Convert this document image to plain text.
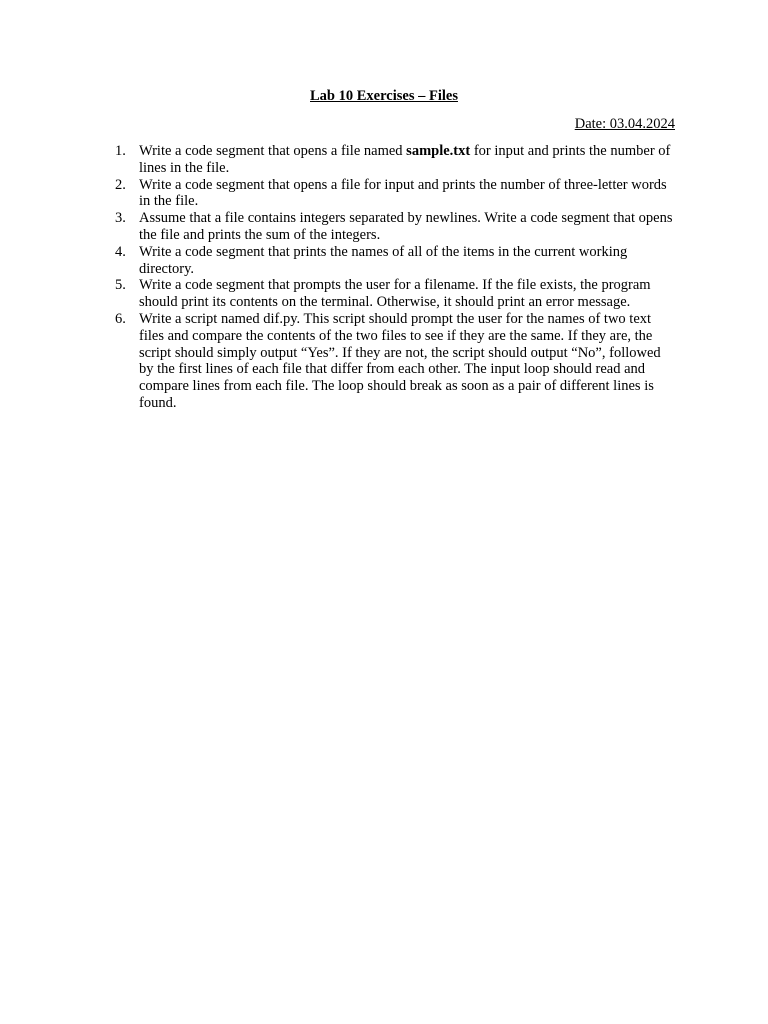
Lab 10 Exercises – Files
Date: 03.04.2024
1. Write a code segment that opens a file named sample.txt for input and prints the number of lines in the file.
2. Write a code segment that opens a file for input and prints the number of three-letter words in the file.
3. Assume that a file contains integers separated by newlines. Write a code segment that opens the file and prints the sum of the integers.
4. Write a code segment that prints the names of all of the items in the current working directory.
5. Write a code segment that prompts the user for a filename. If the file exists, the program should print its contents on the terminal. Otherwise, it should print an error message.
6. Write a script named dif.py. This script should prompt the user for the names of two text files and compare the contents of the two files to see if they are the same. If they are, the script should simply output “Yes”. If they are not, the script should output “No”, followed by the first lines of each file that differ from each other. The input loop should read and compare lines from each file. The loop should break as soon as a pair of different lines is found.
